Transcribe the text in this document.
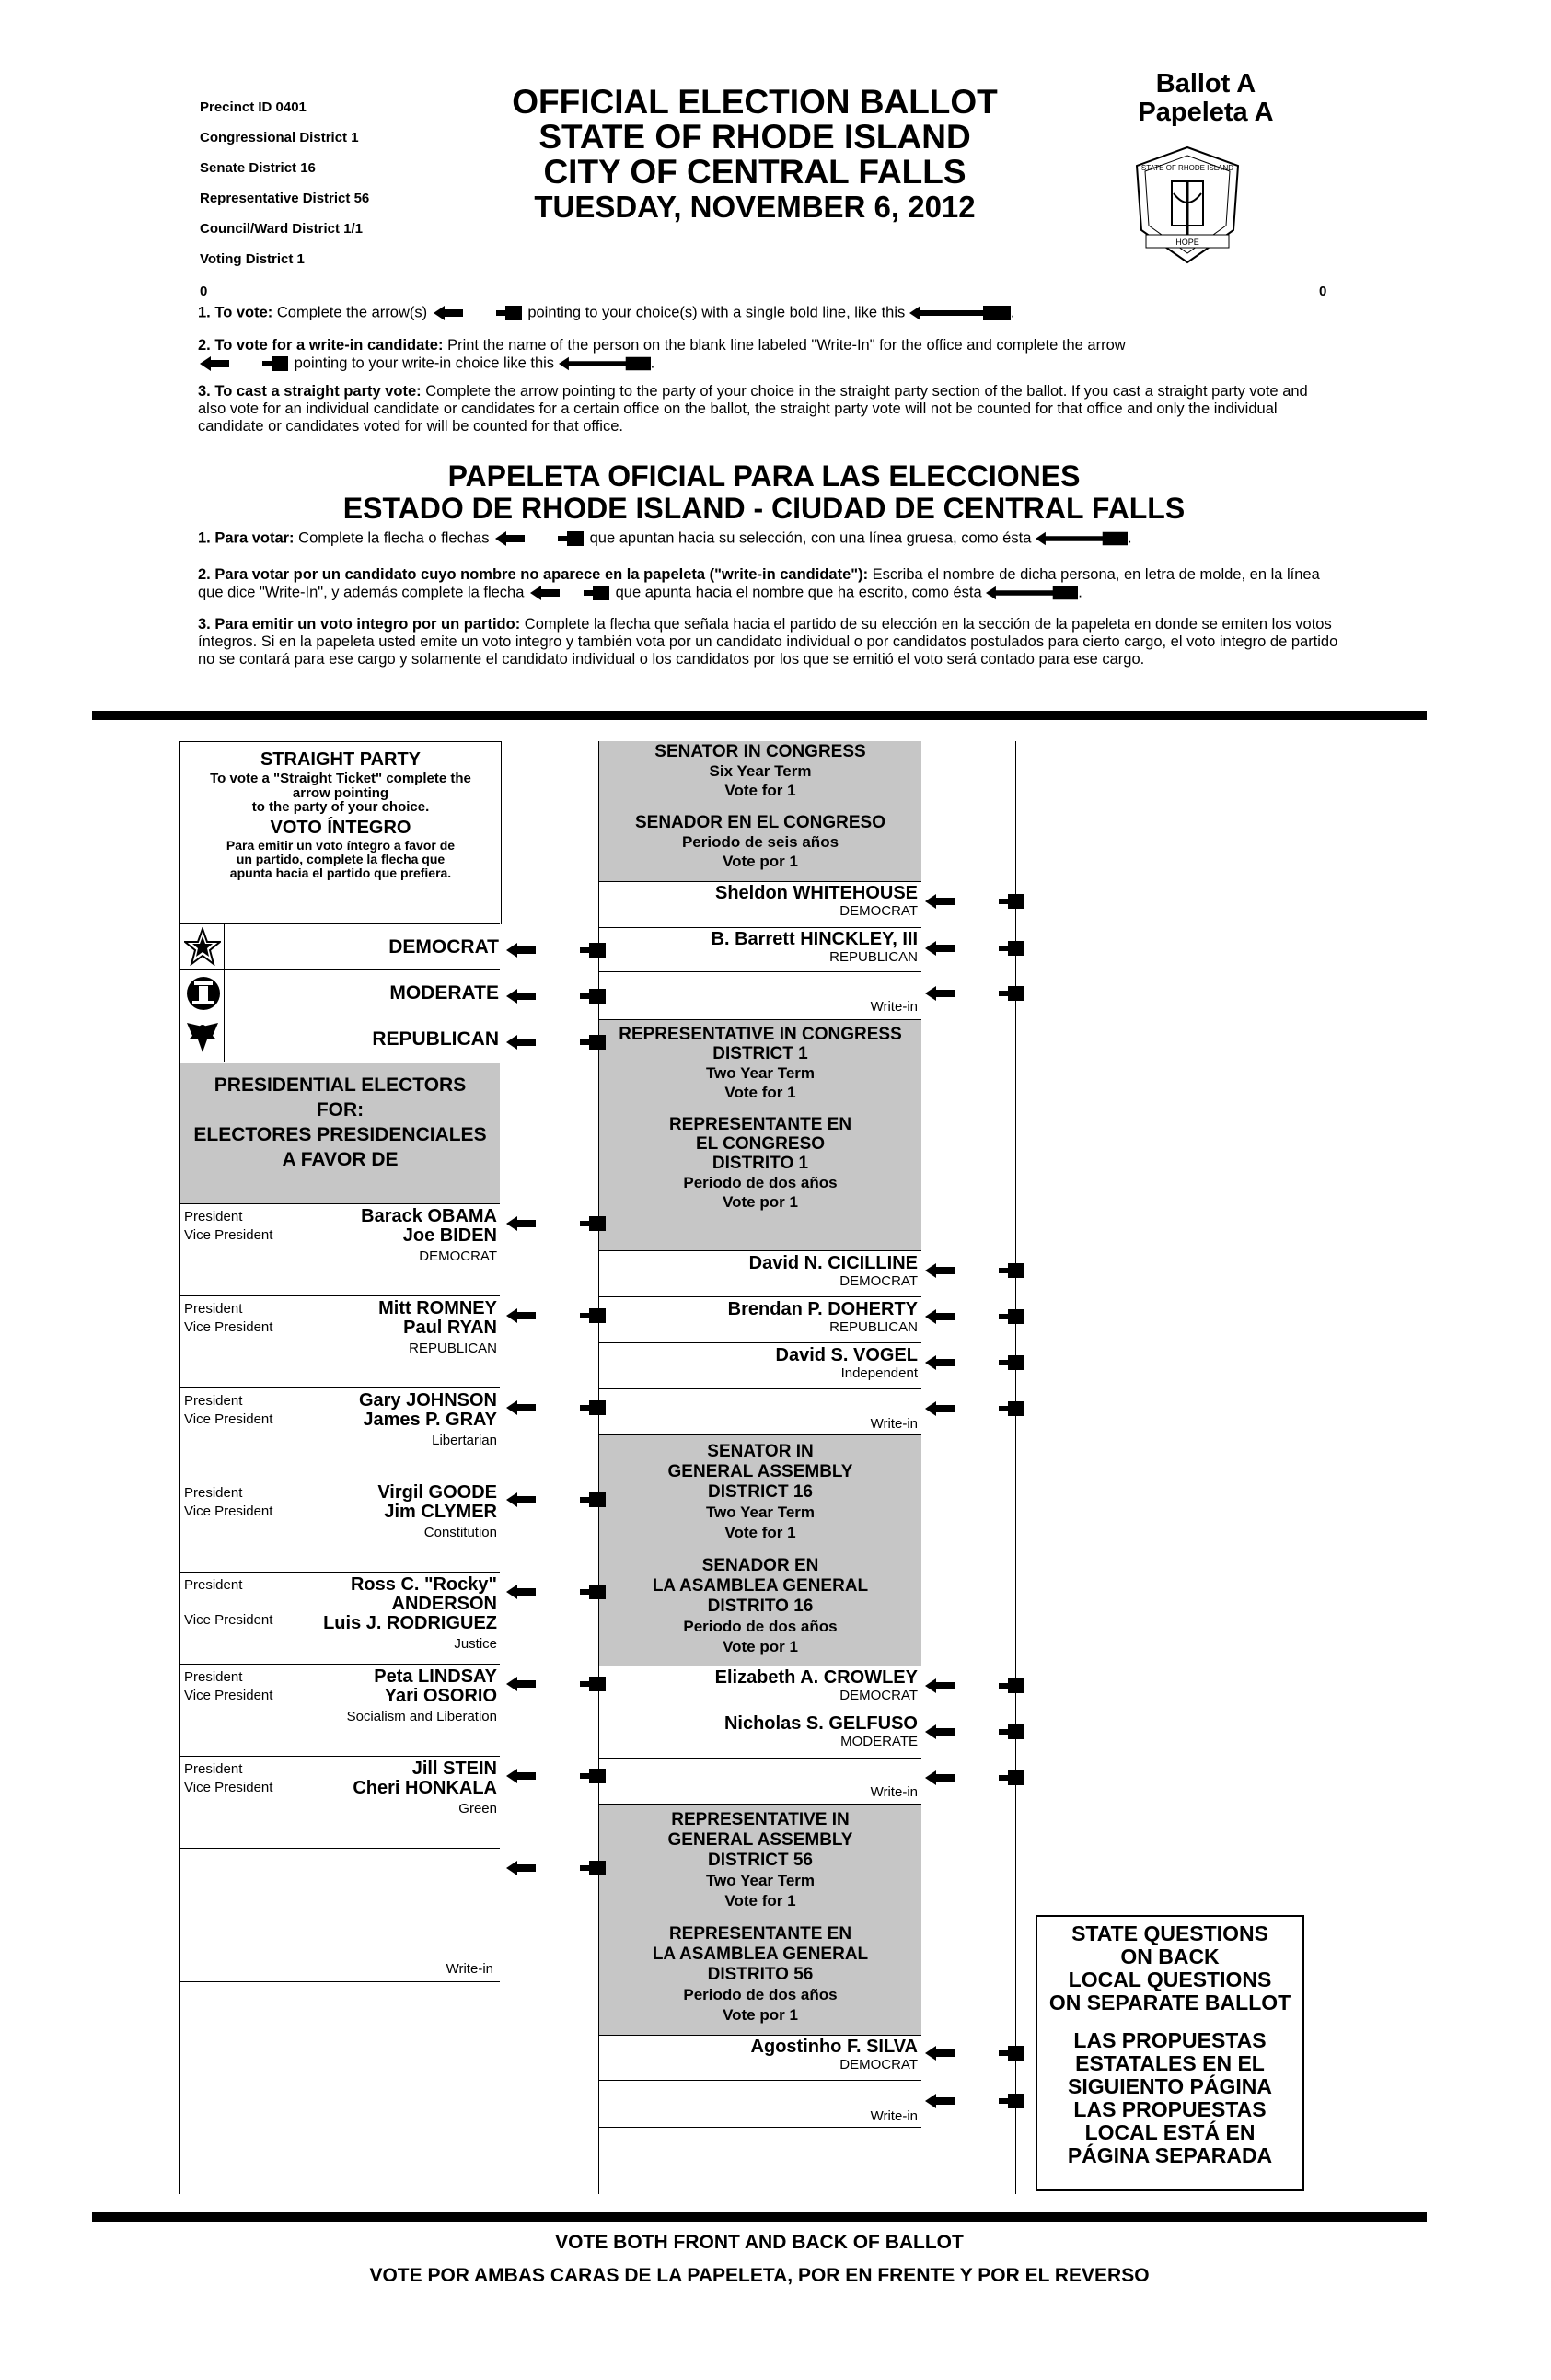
Precinct ID 0401
Congressional District 1
Senate District 16
Representative District 56
Council/Ward District 1/1
Voting District 1
OFFICIAL ELECTION BALLOT
STATE OF RHODE ISLAND
CITY OF CENTRAL FALLS
TUESDAY, NOVEMBER 6, 2012
Ballot A
Papeleta A
HOPE
STATE OF RHODE ISLAND
0	0
1. To vote: Complete the arrow(s)	pointing to your choice(s) with a single bold line, like this	.
2. To vote for a write-in candidate: Print the name of the person on the blank line labeled "Write-In" for the office and complete the arrow
pointing to your write-in choice like this	.
3. To cast a straight party vote: Complete the arrow pointing to the party of your choice in the straight party section of the ballot. If you cast a straight party vote and also vote for an individual candidate or candidates for a certain office on the ballot, the straight party vote will not be counted for that office and only the individual candidate or candidates voted for will be counted for that office.
PAPELETA OFICIAL PARA LAS ELECCIONES
ESTADO DE RHODE ISLAND - CIUDAD DE CENTRAL FALLS
1. Para votar: Complete la flecha o flechas	que apuntan hacia su selección, con una línea gruesa, como ésta	.
2. Para votar por un candidato cuyo nombre no aparece en la papeleta ("write-in candidate"): Escriba el nombre de dicha persona, en letra de molde, en la línea que dice "Write-In", y además complete la flecha	que apunta hacia el nombre que ha escrito, como ésta	.
3. Para emitir un voto integro por un partido: Complete la flecha que señala hacia el partido de su elección en la sección de la papeleta en donde se emiten los votos íntegros. Si en la papeleta usted emite un voto integro y también vota por un candidato individual o por candidatos postulados para cierto cargo, el voto integro de partido no se contará para ese cargo y solamente el candidato individual o los candidatos por los que se emitió el voto será contado para ese cargo.
STRAIGHT PARTY
To vote a "Straight Ticket" complete the
arrow pointing
to the party of your choice.
VOTO ÍNTEGRO
Para emitir un voto íntegro a favor de
un partido, complete la flecha que
apunta hacia el partido que prefiera.
DEMOCRAT
MODERATE
REPUBLICAN
PRESIDENTIAL ELECTORS
FOR:
ELECTORES PRESIDENCIALES
A FAVOR DE
President
Vice President
Barack OBAMA
Joe BIDEN
DEMOCRAT
President
Vice President
Mitt ROMNEY
Paul RYAN
REPUBLICAN
President
Vice President
Gary JOHNSON
James P. GRAY
Libertarian
President
Vice President
Virgil GOODE
Jim CLYMER
Constitution
President
Vice President
Ross C. "Rocky"
ANDERSON
Luis J. RODRIGUEZ
Justice
President
Vice President
Peta LINDSAY
Yari OSORIO
Socialism and Liberation
President
Vice President
Jill STEIN
Cheri HONKALA
Green
Write-in
SENATOR IN CONGRESS
Six Year Term
Vote for 1
SENADOR EN EL CONGRESO
Periodo de seis años
Vote por 1
Sheldon WHITEHOUSE
DEMOCRAT
B. Barrett HINCKLEY, III
REPUBLICAN
Write-in
REPRESENTATIVE IN CONGRESS
DISTRICT 1
Two Year Term
Vote for 1
REPRESENTANTE EN
EL CONGRESO
DISTRITO 1
Periodo de dos años
Vote por 1
David N. CICILLINE
DEMOCRAT
Brendan P. DOHERTY
REPUBLICAN
David S. VOGEL
Independent
Write-in
SENATOR IN
GENERAL ASSEMBLY
DISTRICT 16
Two Year Term
Vote for 1
SENADOR EN
LA ASAMBLEA GENERAL
DISTRITO 16
Periodo de dos años
Vote por 1
Elizabeth A. CROWLEY
DEMOCRAT
Nicholas S. GELFUSO
MODERATE
Write-in
REPRESENTATIVE IN
GENERAL ASSEMBLY
DISTRICT 56
Two Year Term
Vote for 1
REPRESENTANTE EN
LA ASAMBLEA GENERAL
DISTRITO 56
Periodo de dos años
Vote por 1
Agostinho F. SILVA
DEMOCRAT
Write-in
STATE QUESTIONS
ON BACK
LOCAL QUESTIONS
ON SEPARATE BALLOT
LAS PROPUESTAS
ESTATALES EN EL
SIGUIENTO PÁGINA
LAS PROPUESTAS
LOCAL ESTÁ EN
PÁGINA SEPARADA
VOTE BOTH FRONT AND BACK OF BALLOT
VOTE POR AMBAS CARAS DE LA PAPELETA, POR EN FRENTE Y POR EL REVERSO
